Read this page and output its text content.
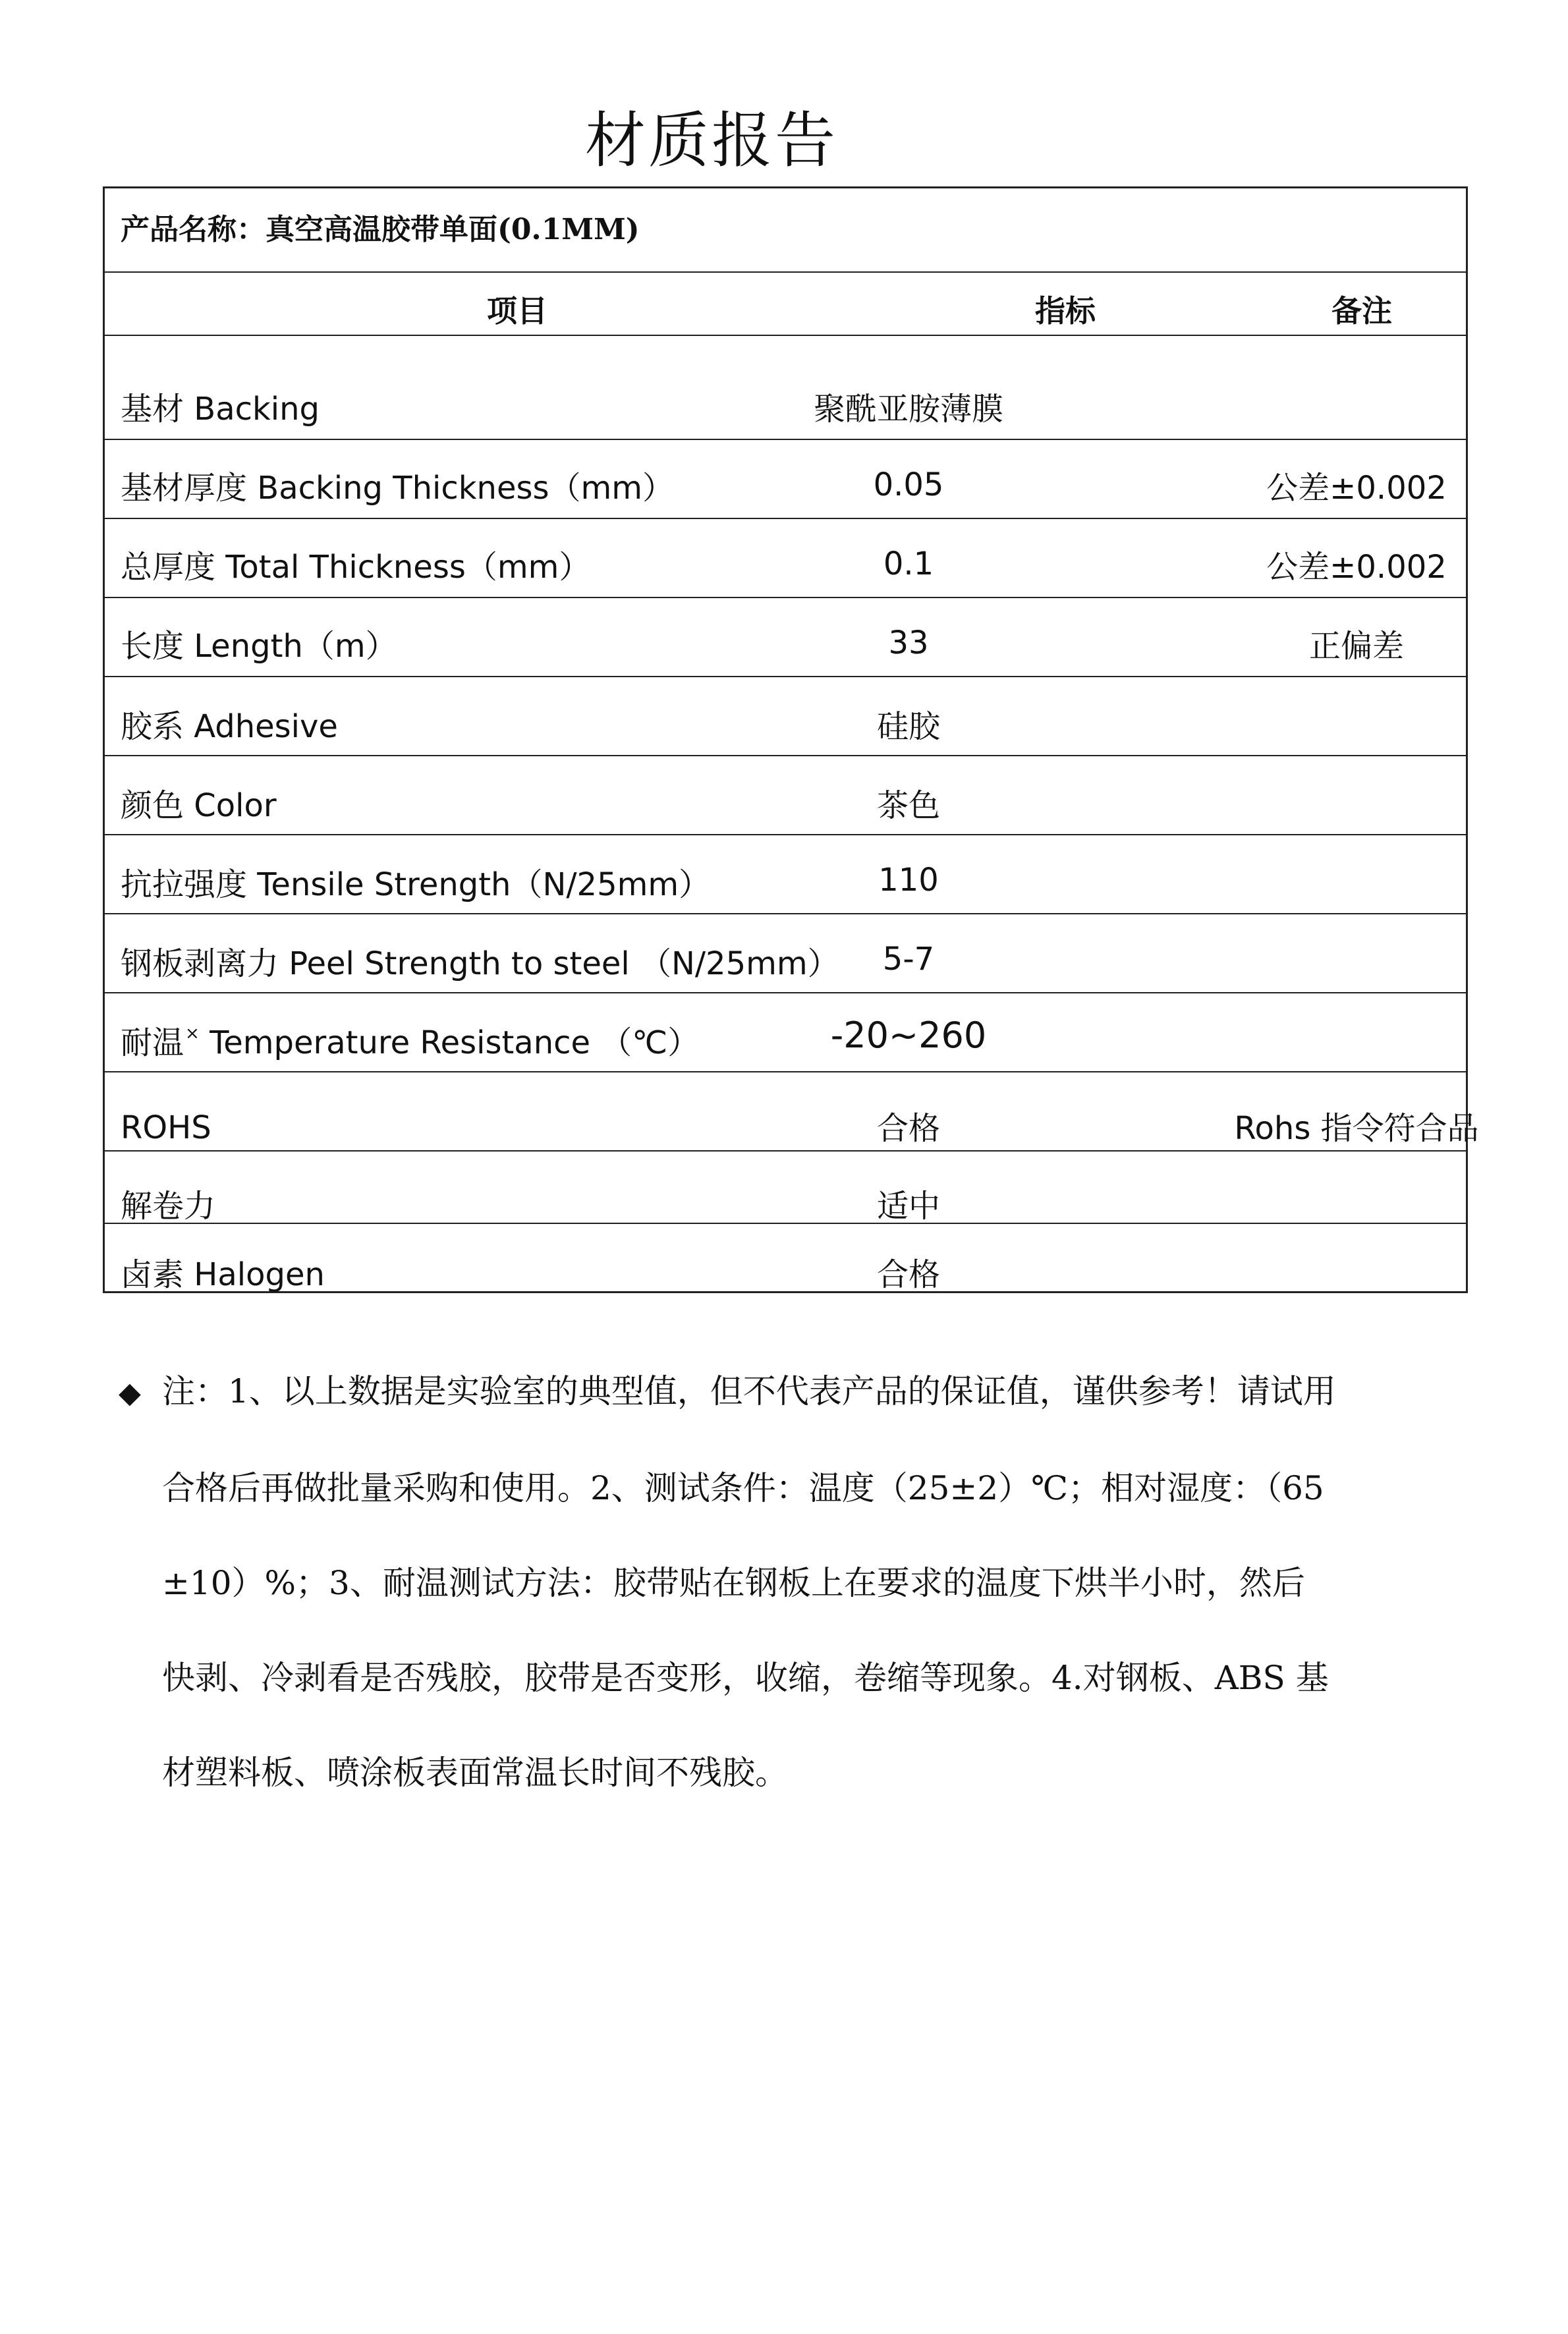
材质报告
产品名称：真空高温胶带单面(0.1MM)
项目	指标	备注
基材 Backing	聚酰亚胺薄膜
基材厚度 Backing Thickness（mm）	0.05	公差±0.002
总厚度 Total Thickness（mm）	0.1	公差±0.002
长度 Length（m）	33	正偏差
胶系 Adhesive	硅胶
颜色 Color	茶色
抗拉强度 Tensile Strength（N/25mm）	110
钢板剥离力 Peel Strength to steel （N/25mm）	5-7
耐温× Temperature Resistance （℃）	-20~260
ROHS	合格	Rohs 指令符合品
解卷力	适中
卤素 Halogen	合格
◆ 注：1、以上数据是实验室的典型值，但不代表产品的保证值，谨供参考！请试用
合格后再做批量采购和使用。2、测试条件：温度（25±2）℃；相对湿度：（65
±10）%；3、耐温测试方法：胶带贴在钢板上在要求的温度下烘半小时，然后
快剥、冷剥看是否残胶，胶带是否变形，收缩，卷缩等现象。4.对钢板、ABS 基
材塑料板、喷涂板表面常温长时间不残胶。
